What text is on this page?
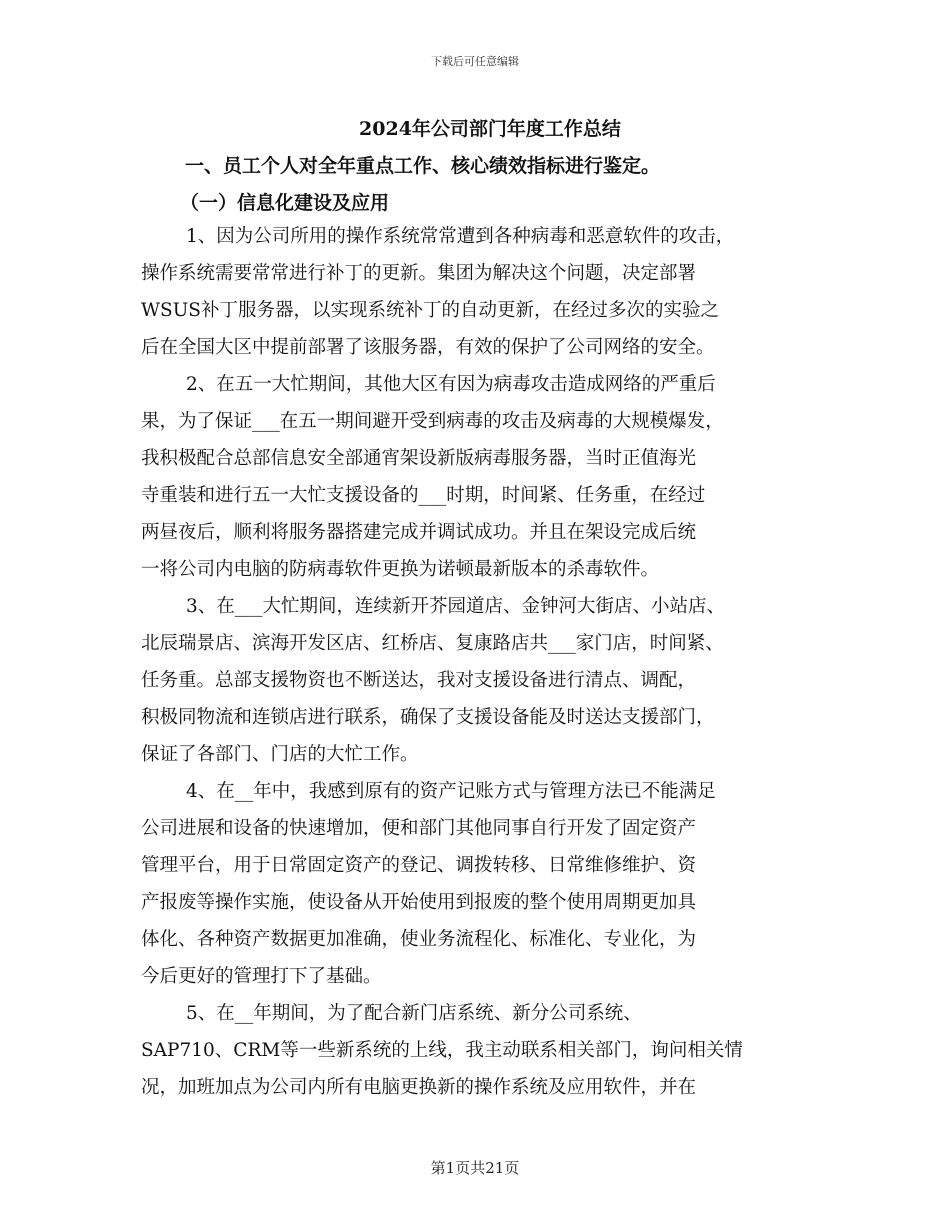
下载后可任意编辑
2024年公司部门年度工作总结
一、员工个人对全年重点工作、核心绩效指标进行鉴定。
（一）信息化建设及应用
1、因为公司所用的操作系统常常遭到各种病毒和恶意软件的攻击，
操作系统需要常常进行补丁的更新。集团为解决这个问题，决定部署
WSUS补丁服务器，以实现系统补丁的自动更新，在经过多次的实验之
后在全国大区中提前部署了该服务器，有效的保护了公司网络的安全。
2、在五一大忙期间，其他大区有因为病毒攻击造成网络的严重后
果，为了保证___在五一期间避开受到病毒的攻击及病毒的大规模爆发，
我积极配合总部信息安全部通宵架设新版病毒服务器，当时正值海光
寺重装和进行五一大忙支援设备的___时期，时间紧、任务重，在经过
两昼夜后，顺利将服务器搭建完成并调试成功。并且在架设完成后统
一将公司内电脑的防病毒软件更换为诺顿最新版本的杀毒软件。
3、在___大忙期间，连续新开芥园道店、金钟河大街店、小站店、
北辰瑞景店、滨海开发区店、红桥店、复康路店共___家门店，时间紧、
任务重。总部支援物资也不断送达，我对支援设备进行清点、调配，
积极同物流和连锁店进行联系，确保了支援设备能及时送达支援部门，
保证了各部门、门店的大忙工作。
4、在__年中，我感到原有的资产记账方式与管理方法已不能满足
公司进展和设备的快速增加，便和部门其他同事自行开发了固定资产
管理平台，用于日常固定资产的登记、调拨转移、日常维修维护、资
产报废等操作实施，使设备从开始使用到报废的整个使用周期更加具
体化、各种资产数据更加准确，使业务流程化、标准化、专业化，为
今后更好的管理打下了基础。
5、在__年期间，为了配合新门店系统、新分公司系统、
SAP710、CRM等一些新系统的上线，我主动联系相关部门，询问相关情
况，加班加点为公司内所有电脑更换新的操作系统及应用软件，并在
第1页共21页
